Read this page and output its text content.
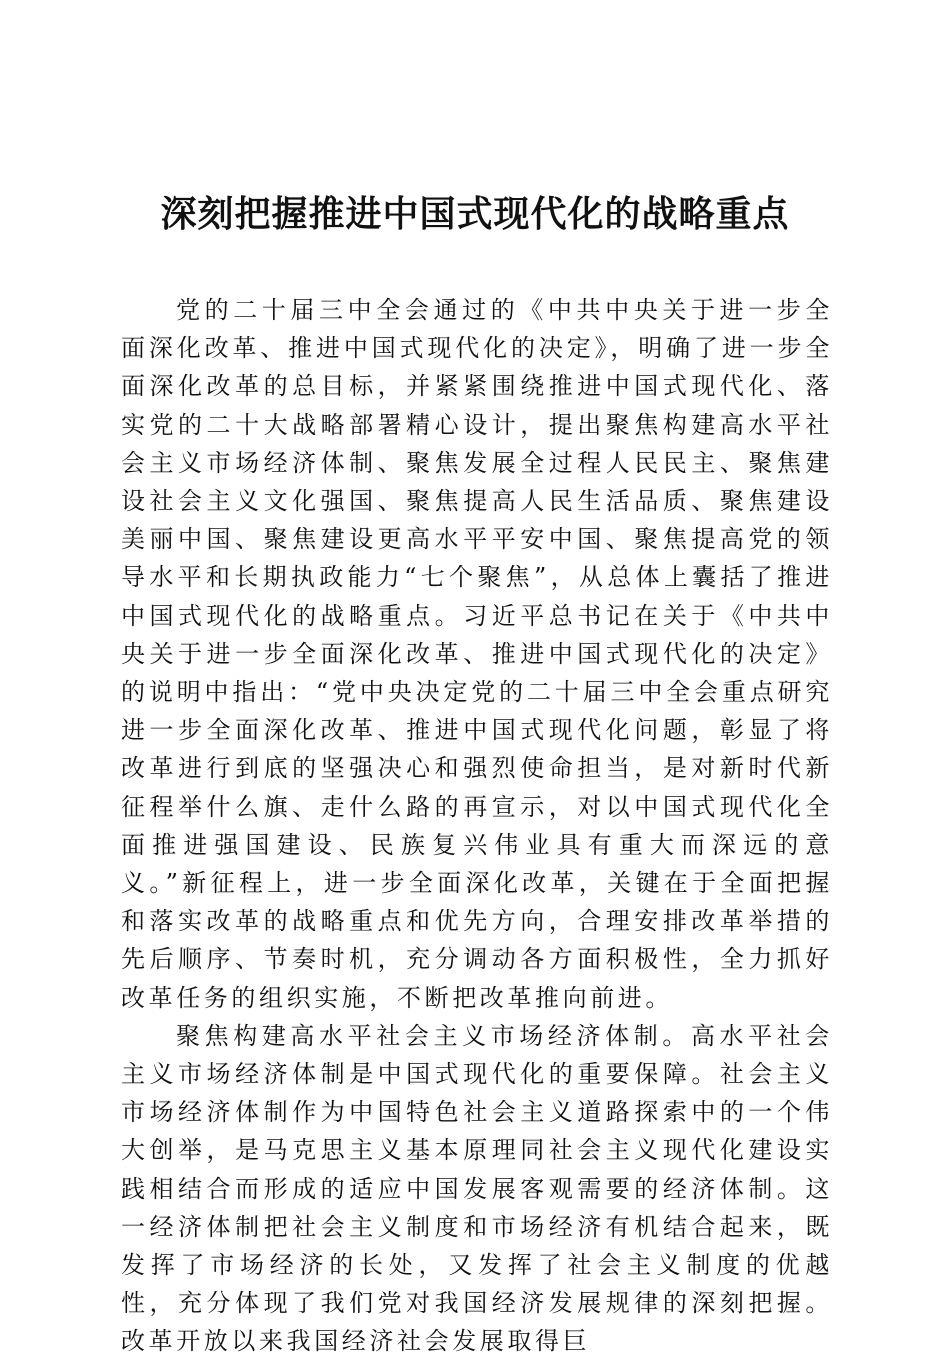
深刻把握推进中国式现代化的战略重点

党的二十届三中全会通过的《中共中央关于进一步全面深化改革、推进中国式现代化的决定》，明确了进一步全面深化改革的总目标，并紧紧围绕推进中国式现代化、落实党的二十大战略部署精心设计，提出聚焦构建高水平社会主义市场经济体制、聚焦发展全过程人民民主、聚焦建设社会主义文化强国、聚焦提高人民生活品质、聚焦建设美丽中国、聚焦建设更高水平平安中国、聚焦提高党的领导水平和长期执政能力“七个聚焦”，从总体上囊括了推进中国式现代化的战略重点。习近平总书记在关于《中共中央关于进一步全面深化改革、推进中国式现代化的决定》的说明中指出：“党中央决定党的二十届三中全会重点研究进一步全面深化改革、推进中国式现代化问题，彰显了将改革进行到底的坚强决心和强烈使命担当，是对新时代新征程举什么旗、走什么路的再宣示，对以中国式现代化全面推进强国建设、民族复兴伟业具有重大而深远的意义。”新征程上，进一步全面深化改革，关键在于全面把握和落实改革的战略重点和优先方向，合理安排改革举措的先后顺序、节奏时机，充分调动各方面积极性，全力抓好改革任务的组织实施，不断把改革推向前进。

聚焦构建高水平社会主义市场经济体制。高水平社会主义市场经济体制是中国式现代化的重要保障。社会主义市场经济体制作为中国特色社会主义道路探索中的一个伟大创举，是马克思主义基本原理同社会主义现代化建设实践相结合而形成的适应中国发展客观需要的经济体制。这一经济体制把社会主义制度和市场经济有机结合起来，既发挥了市场经济的长处，又发挥了社会主义制度的优越性，充分体现了我们党对我国经济发展规律的深刻把握。改革开放以来我国经济社会发展取得巨
